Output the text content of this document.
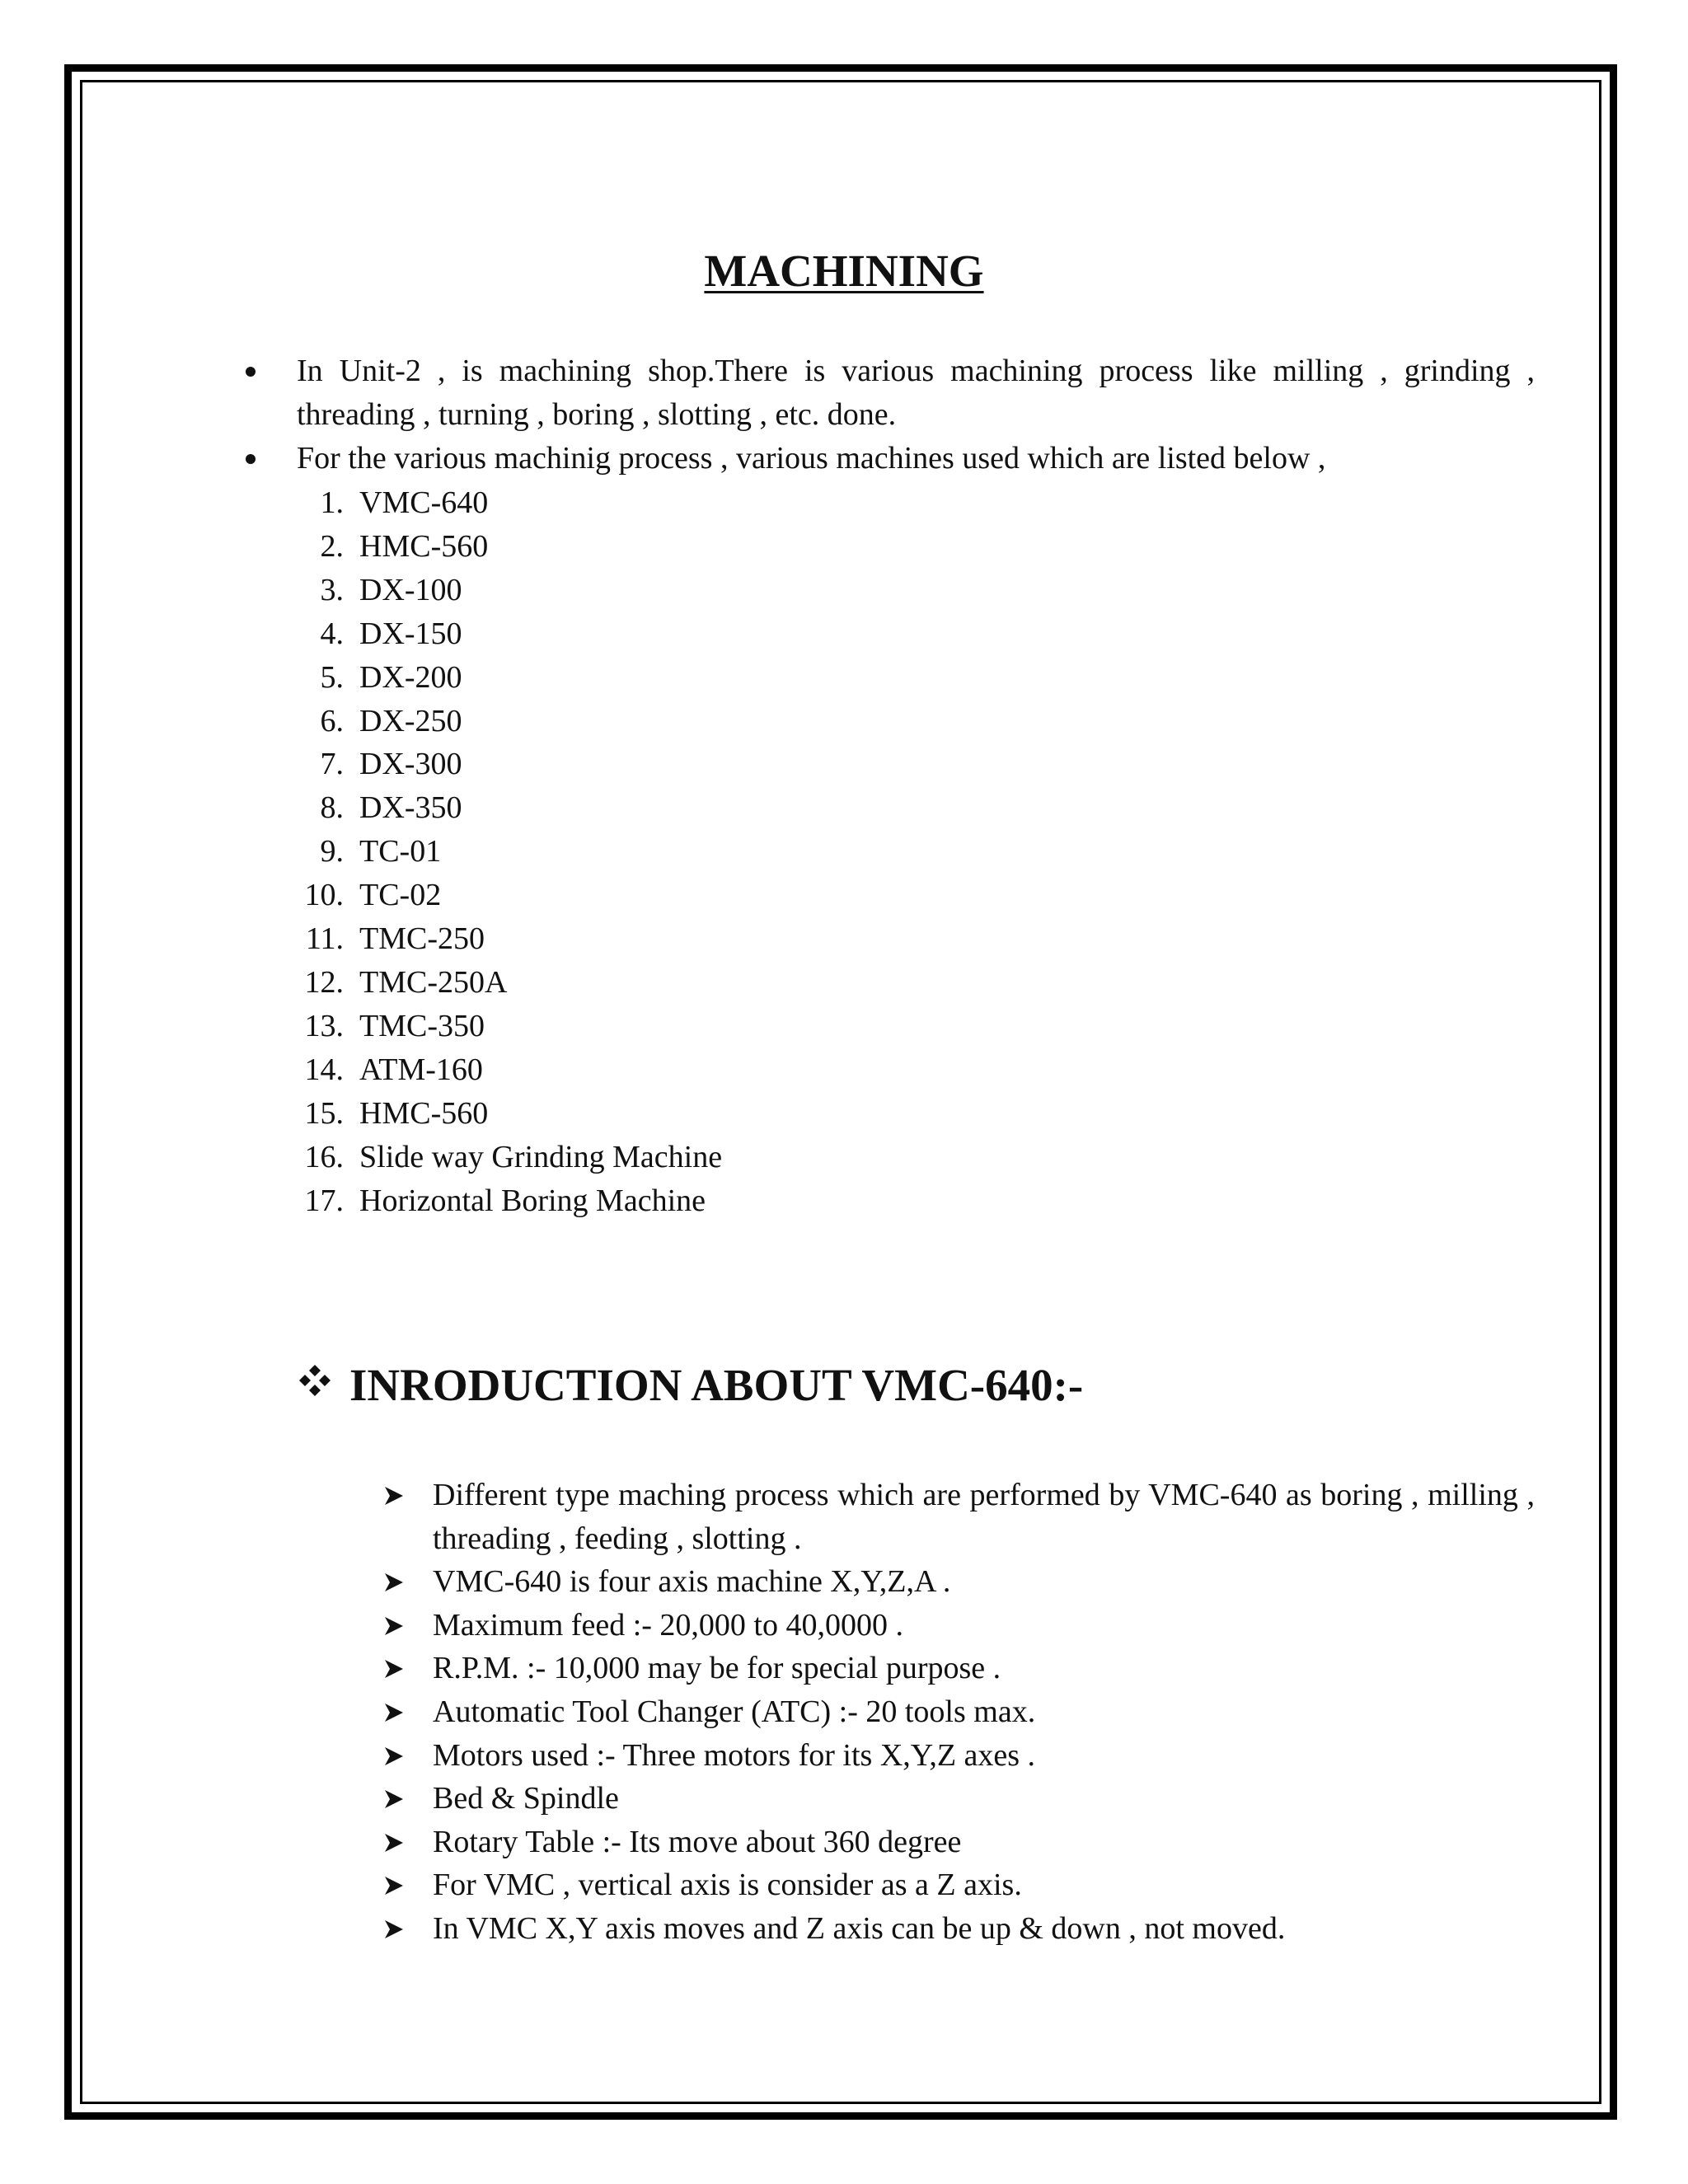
MACHINING
In Unit-2 , is machining shop.There is various machining process like milling , grinding , threading , turning , boring , slotting , etc. done.
For the various machinig process , various machines used which are listed below ,
1.  VMC-640
2.  HMC-560
3.  DX-100
4.  DX-150
5.  DX-200
6.  DX-250
7.  DX-300
8.  DX-350
9.  TC-01
10.  TC-02
11.  TMC-250
12.  TMC-250A
13.  TMC-350
14.  ATM-160
15.  HMC-560
16.  Slide way Grinding Machine
17.  Horizontal Boring Machine
INRODUCTION ABOUT VMC-640:-
Different type maching process which are performed by VMC-640 as boring , milling , threading , feeding , slotting .
VMC-640 is four axis machine X,Y,Z,A .
Maximum feed :- 20,000 to 40,0000 .
R.P.M. :- 10,000 may be for special purpose .
Automatic Tool Changer (ATC) :- 20 tools max.
Motors used :- Three motors for its X,Y,Z axes .
Bed & Spindle
Rotary Table :- Its move about 360 degree
For VMC , vertical axis is consider as a Z axis.
In VMC X,Y axis moves and Z axis can be up & down , not moved.
